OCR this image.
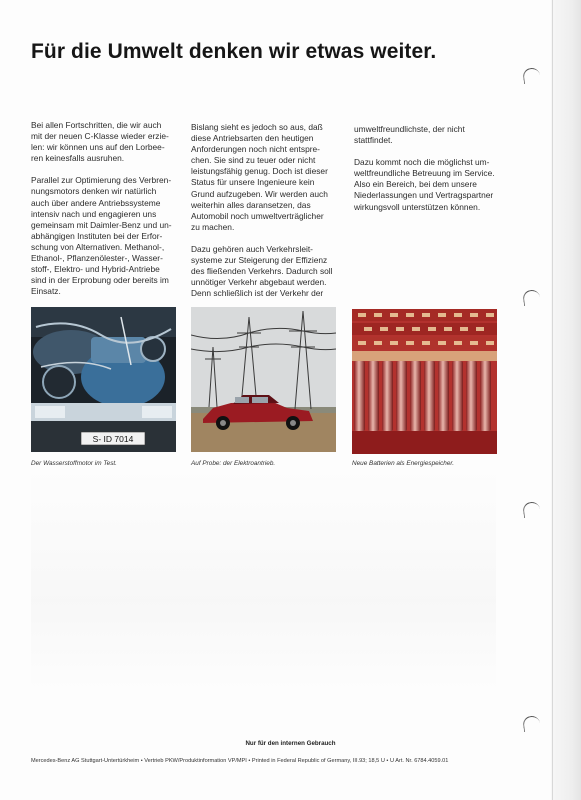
Für die Umwelt denken wir etwas weiter.

Bei allen Fortschritten, die wir auch
mit der neuen C-Klasse wieder erzie-
len: wir können uns auf den Lorbee-
ren keinesfalls ausruhen.

Parallel zur Optimierung des Verbren-
nungsmotors denken wir natürlich
auch über andere Antriebssysteme
intensiv nach und engagieren uns
gemeinsam mit Daimler-Benz und un-
abhängigen Instituten bei der Erfor-
schung von Alternativen. Methanol-,
Ethanol-, Pflanzenölester-, Wasser-
stoff-, Elektro- und Hybrid-Antriebe
sind in der Erprobung oder bereits im
Einsatz.

Bislang sieht es jedoch so aus, daß
diese Antriebsarten den heutigen
Anforderungen noch nicht entspre-
chen. Sie sind zu teuer oder nicht
leistungsfähig genug. Doch ist dieser
Status für unsere Ingenieure kein
Grund aufzugeben. Wir werden auch
weiterhin alles daransetzen, das
Automobil noch umweltverträglicher
zu machen.

Dazu gehören auch Verkehrsleit-
systeme zur Steigerung der Effizienz
des fließenden Verkehrs. Dadurch soll
unnötiger Verkehr abgebaut werden.
Denn schließlich ist der Verkehr der

umweltfreundlichste, der nicht
stattfindet.

Dazu kommt noch die möglichst um-
weltfreundliche Betreuung im Service.
Also ein Bereich, bei dem unsere
Niederlassungen und Vertragspartner
wirkungsvoll unterstützen können.

S- ID 7014
Der Wasserstoffmotor im Test.	Auf Probe: der Elektroantrieb.	Neue Batterien als Energiespeicher.
Nur für den internen Gebrauch
Mercedes-Benz AG Stuttgart-Untertürkheim • Vertrieb PKW/Produktinformation VP/MPI • Printed in Federal Republic of Germany, III.93; 18,5 U • U Art. Nr. 6784.4059.01
